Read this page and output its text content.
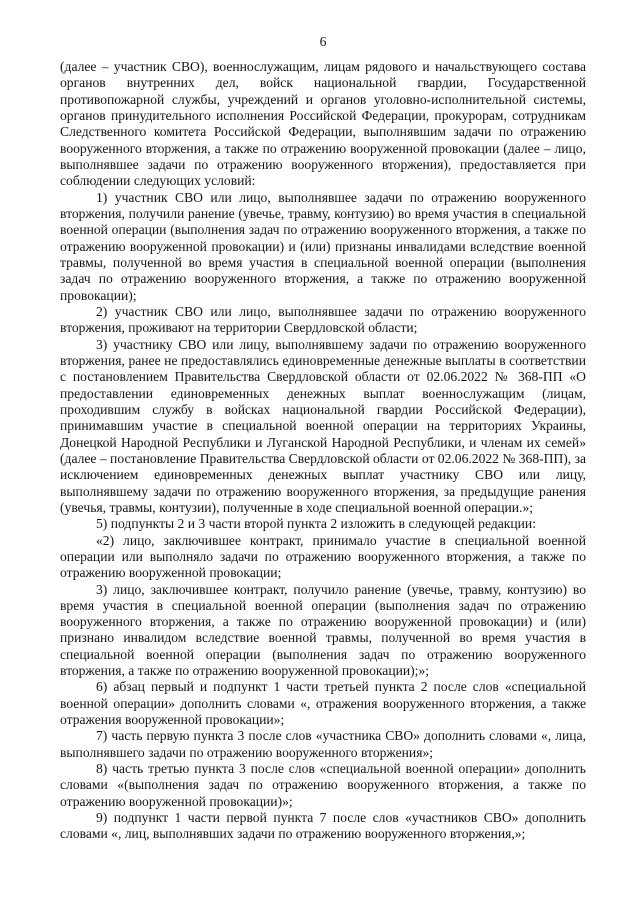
6

(далее – участник СВО), военнослужащим, лицам рядового и начальствующего состава органов внутренних дел, войск национальной гвардии, Государственной противопожарной службы, учреждений и органов уголовно-исполнительной системы, органов принудительного исполнения Российской Федерации, прокурорам, сотрудникам Следственного комитета Российской Федерации, выполнявшим задачи по отражению вооруженного вторжения, а также по отражению вооруженной провокации (далее – лицо, выполнявшее задачи по отражению вооруженного вторжения), предоставляется при соблюдении следующих условий:

1) участник СВО или лицо, выполнявшее задачи по отражению вооруженного вторжения, получили ранение (увечье, травму, контузию) во время участия в специальной военной операции (выполнения задач по отражению вооруженного вторжения, а также по отражению вооруженной провокации) и (или) признаны инвалидами вследствие военной травмы, полученной во время участия в специальной военной операции (выполнения задач по отражению вооруженного вторжения, а также по отражению вооруженной провокации);

2) участник СВО или лицо, выполнявшее задачи по отражению вооруженного вторжения, проживают на территории Свердловской области;

3) участнику СВО или лицу, выполнявшему задачи по отражению вооруженного вторжения, ранее не предоставлялись единовременные денежные выплаты в соответствии с постановлением Правительства Свердловской области от 02.06.2022 № 368-ПП «О предоставлении единовременных денежных выплат военнослужащим (лицам, проходившим службу в войсках национальной гвардии Российской Федерации), принимавшим участие в специальной военной операции на территориях Украины, Донецкой Народной Республики и Луганской Народной Республики, и членам их семей» (далее – постановление Правительства Свердловской области от 02.06.2022 № 368-ПП), за исключением единовременных денежных выплат участнику СВО или лицу, выполнявшему задачи по отражению вооруженного вторжения, за предыдущие ранения (увечья, травмы, контузии), полученные в ходе специальной военной операции.»;

5) подпункты 2 и 3 части второй пункта 2 изложить в следующей редакции:

«2) лицо, заключившее контракт, принимало участие в специальной военной операции или выполняло задачи по отражению вооруженного вторжения, а также по отражению вооруженной провокации;

3) лицо, заключившее контракт, получило ранение (увечье, травму, контузию) во время участия в специальной военной операции (выполнения задач по отражению вооруженного вторжения, а также по отражению вооруженной провокации) и (или) признано инвалидом вследствие военной травмы, полученной во время участия в специальной военной операции (выполнения задач по отражению вооруженного вторжения, а также по отражению вооруженной провокации);»;

6) абзац первый и подпункт 1 части третьей пункта 2 после слов «специальной военной операции» дополнить словами «, отражения вооруженного вторжения, а также отражения вооруженной провокации»;

7) часть первую пункта 3 после слов «участника СВО» дополнить словами «, лица, выполнявшего задачи по отражению вооруженного вторжения»;

8) часть третью пункта 3 после слов «специальной военной операции» дополнить словами «(выполнения задач по отражению вооруженного вторжения, а также по отражению вооруженной провокации)»;

9) подпункт 1 части первой пункта 7 после слов «участников СВО» дополнить словами «, лиц, выполнявших задачи по отражению вооруженного вторжения,»;
